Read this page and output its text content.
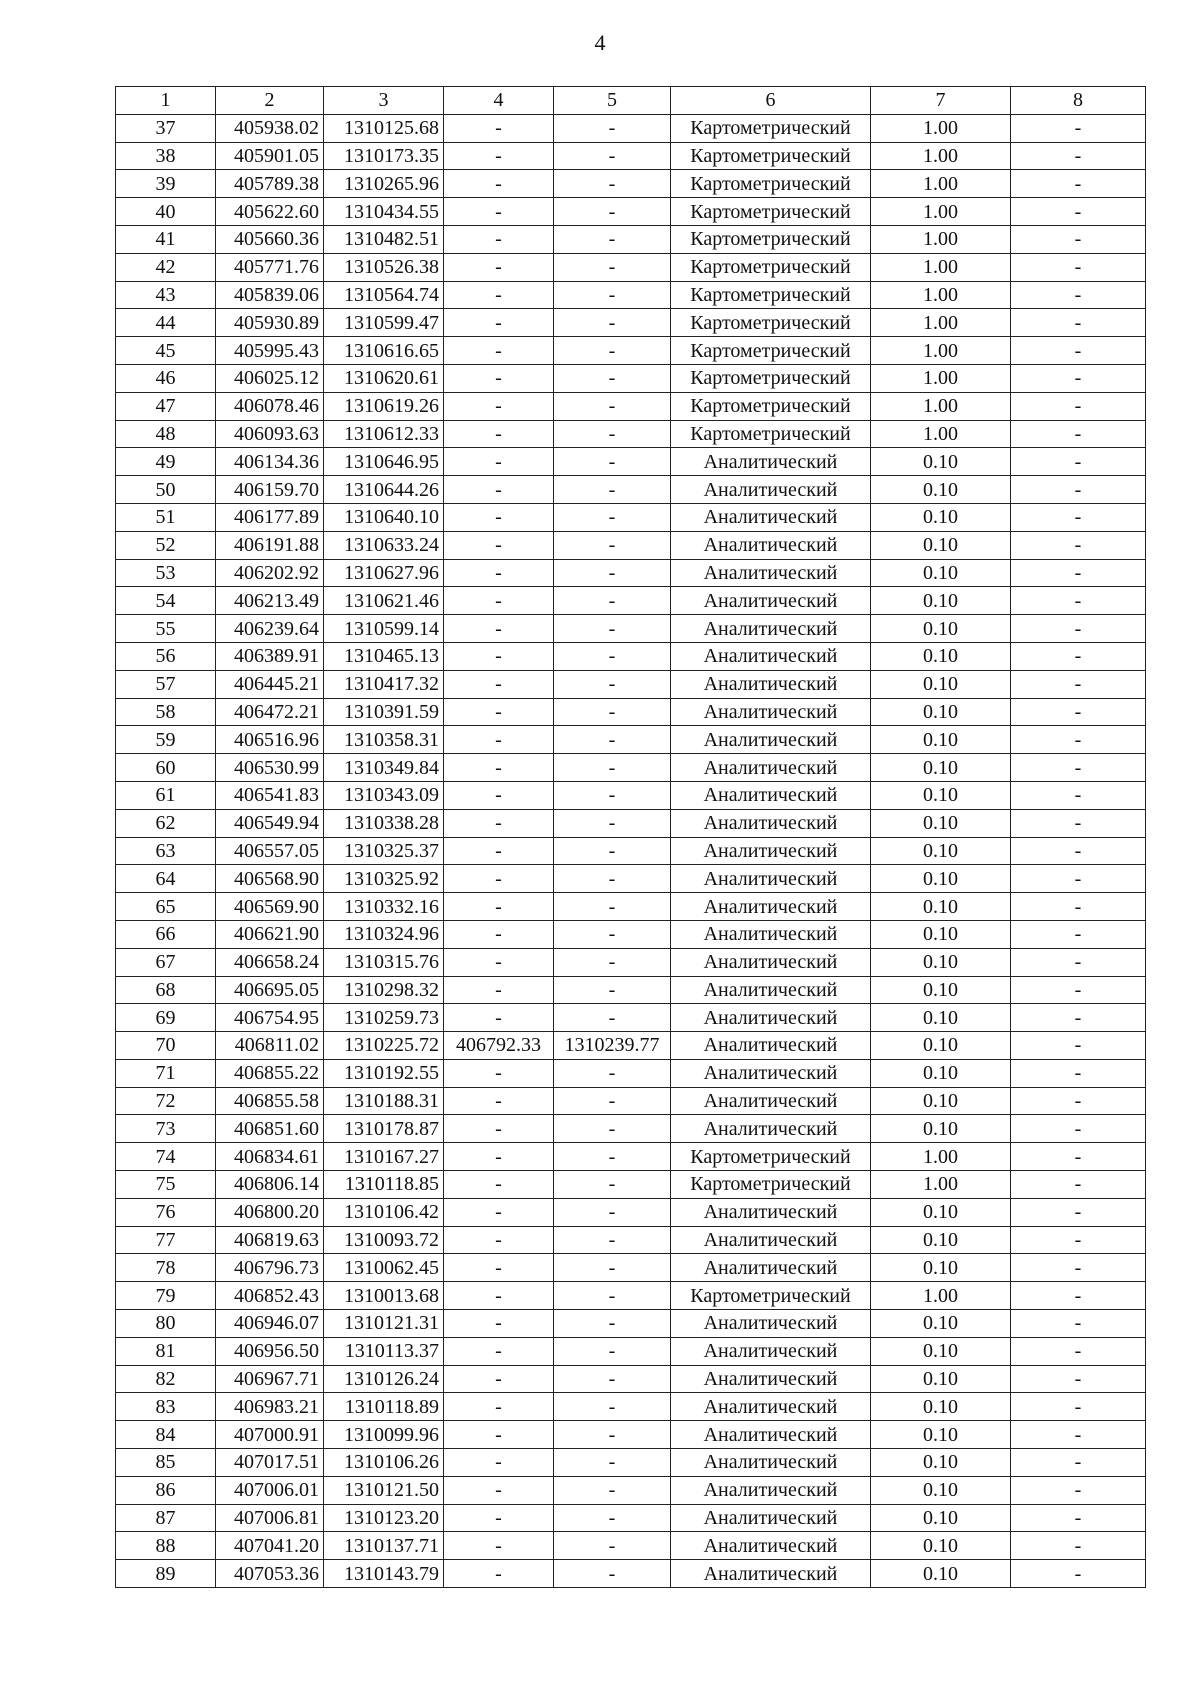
4
1	2	3	4	5	6	7	8
37	405938.02	1310125.68	-	-	Картометрический	1.00	-
38	405901.05	1310173.35	-	-	Картометрический	1.00	-
39	405789.38	1310265.96	-	-	Картометрический	1.00	-
40	405622.60	1310434.55	-	-	Картометрический	1.00	-
41	405660.36	1310482.51	-	-	Картометрический	1.00	-
42	405771.76	1310526.38	-	-	Картометрический	1.00	-
43	405839.06	1310564.74	-	-	Картометрический	1.00	-
44	405930.89	1310599.47	-	-	Картометрический	1.00	-
45	405995.43	1310616.65	-	-	Картометрический	1.00	-
46	406025.12	1310620.61	-	-	Картометрический	1.00	-
47	406078.46	1310619.26	-	-	Картометрический	1.00	-
48	406093.63	1310612.33	-	-	Картометрический	1.00	-
49	406134.36	1310646.95	-	-	Аналитический	0.10	-
50	406159.70	1310644.26	-	-	Аналитический	0.10	-
51	406177.89	1310640.10	-	-	Аналитический	0.10	-
52	406191.88	1310633.24	-	-	Аналитический	0.10	-
53	406202.92	1310627.96	-	-	Аналитический	0.10	-
54	406213.49	1310621.46	-	-	Аналитический	0.10	-
55	406239.64	1310599.14	-	-	Аналитический	0.10	-
56	406389.91	1310465.13	-	-	Аналитический	0.10	-
57	406445.21	1310417.32	-	-	Аналитический	0.10	-
58	406472.21	1310391.59	-	-	Аналитический	0.10	-
59	406516.96	1310358.31	-	-	Аналитический	0.10	-
60	406530.99	1310349.84	-	-	Аналитический	0.10	-
61	406541.83	1310343.09	-	-	Аналитический	0.10	-
62	406549.94	1310338.28	-	-	Аналитический	0.10	-
63	406557.05	1310325.37	-	-	Аналитический	0.10	-
64	406568.90	1310325.92	-	-	Аналитический	0.10	-
65	406569.90	1310332.16	-	-	Аналитический	0.10	-
66	406621.90	1310324.96	-	-	Аналитический	0.10	-
67	406658.24	1310315.76	-	-	Аналитический	0.10	-
68	406695.05	1310298.32	-	-	Аналитический	0.10	-
69	406754.95	1310259.73	-	-	Аналитический	0.10	-
70	406811.02	1310225.72	406792.33	1310239.77	Аналитический	0.10	-
71	406855.22	1310192.55	-	-	Аналитический	0.10	-
72	406855.58	1310188.31	-	-	Аналитический	0.10	-
73	406851.60	1310178.87	-	-	Аналитический	0.10	-
74	406834.61	1310167.27	-	-	Картометрический	1.00	-
75	406806.14	1310118.85	-	-	Картометрический	1.00	-
76	406800.20	1310106.42	-	-	Аналитический	0.10	-
77	406819.63	1310093.72	-	-	Аналитический	0.10	-
78	406796.73	1310062.45	-	-	Аналитический	0.10	-
79	406852.43	1310013.68	-	-	Картометрический	1.00	-
80	406946.07	1310121.31	-	-	Аналитический	0.10	-
81	406956.50	1310113.37	-	-	Аналитический	0.10	-
82	406967.71	1310126.24	-	-	Аналитический	0.10	-
83	406983.21	1310118.89	-	-	Аналитический	0.10	-
84	407000.91	1310099.96	-	-	Аналитический	0.10	-
85	407017.51	1310106.26	-	-	Аналитический	0.10	-
86	407006.01	1310121.50	-	-	Аналитический	0.10	-
87	407006.81	1310123.20	-	-	Аналитический	0.10	-
88	407041.20	1310137.71	-	-	Аналитический	0.10	-
89	407053.36	1310143.79	-	-	Аналитический	0.10	-
